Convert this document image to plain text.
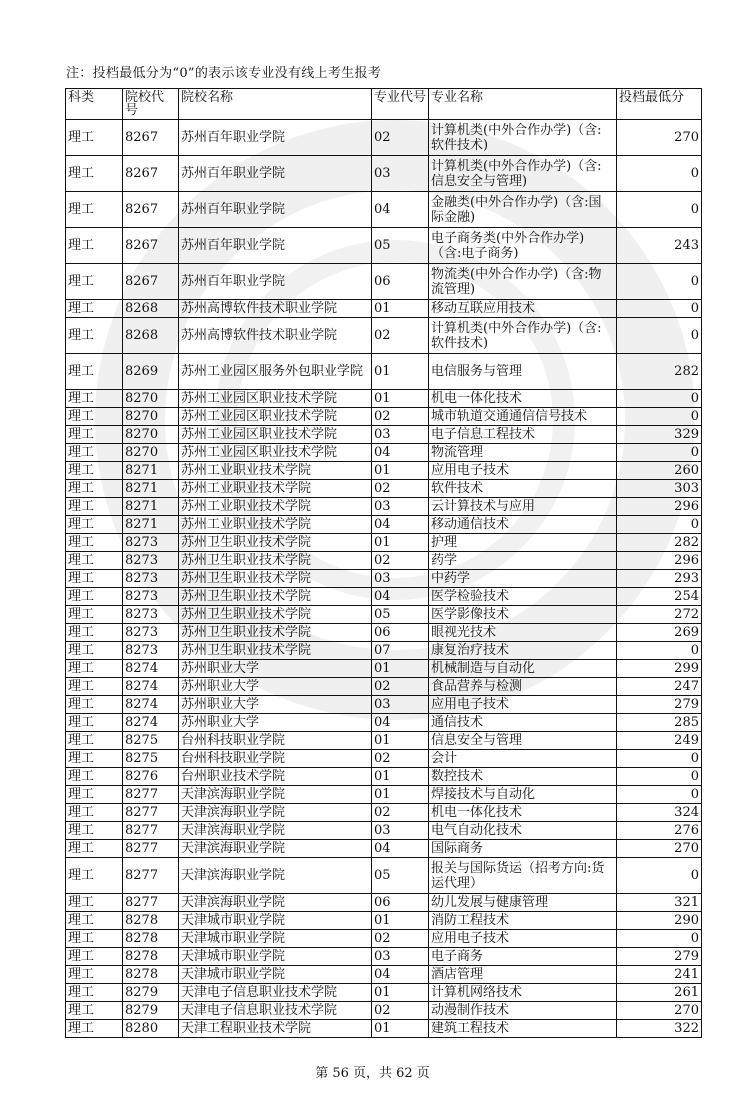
注：投档最低分为“0”的表示该专业没有线上考生报考
科类	院校代号	院校名称	专业代号	专业名称	投档最低分
理工	8267	苏州百年职业学院	02	计算机类(中外合作办学)（含:软件技术)	270
理工	8267	苏州百年职业学院	03	计算机类(中外合作办学)（含:信息安全与管理)	0
理工	8267	苏州百年职业学院	04	金融类(中外合作办学)（含:国际金融)	0
理工	8267	苏州百年职业学院	05	电子商务类(中外合作办学)（含:电子商务)	243
理工	8267	苏州百年职业学院	06	物流类(中外合作办学)（含:物流管理)	0
理工	8268	苏州高博软件技术职业学院	01	移动互联应用技术	0
理工	8268	苏州高博软件技术职业学院	02	计算机类(中外合作办学)（含:软件技术)	0
理工	8269	苏州工业园区服务外包职业学院	01	电信服务与管理	282
理工	8270	苏州工业园区职业技术学院	01	机电一体化技术	0
理工	8270	苏州工业园区职业技术学院	02	城市轨道交通通信信号技术	0
理工	8270	苏州工业园区职业技术学院	03	电子信息工程技术	329
理工	8270	苏州工业园区职业技术学院	04	物流管理	0
理工	8271	苏州工业职业技术学院	01	应用电子技术	260
理工	8271	苏州工业职业技术学院	02	软件技术	303
理工	8271	苏州工业职业技术学院	03	云计算技术与应用	296
理工	8271	苏州工业职业技术学院	04	移动通信技术	0
理工	8273	苏州卫生职业技术学院	01	护理	282
理工	8273	苏州卫生职业技术学院	02	药学	296
理工	8273	苏州卫生职业技术学院	03	中药学	293
理工	8273	苏州卫生职业技术学院	04	医学检验技术	254
理工	8273	苏州卫生职业技术学院	05	医学影像技术	272
理工	8273	苏州卫生职业技术学院	06	眼视光技术	269
理工	8273	苏州卫生职业技术学院	07	康复治疗技术	0
理工	8274	苏州职业大学	01	机械制造与自动化	299
理工	8274	苏州职业大学	02	食品营养与检测	247
理工	8274	苏州职业大学	03	应用电子技术	279
理工	8274	苏州职业大学	04	通信技术	285
理工	8275	台州科技职业学院	01	信息安全与管理	249
理工	8275	台州科技职业学院	02	会计	0
理工	8276	台州职业技术学院	01	数控技术	0
理工	8277	天津滨海职业学院	01	焊接技术与自动化	0
理工	8277	天津滨海职业学院	02	机电一体化技术	324
理工	8277	天津滨海职业学院	03	电气自动化技术	276
理工	8277	天津滨海职业学院	04	国际商务	270
理工	8277	天津滨海职业学院	05	报关与国际货运（招考方向:货运代理）	0
理工	8277	天津滨海职业学院	06	幼儿发展与健康管理	321
理工	8278	天津城市职业学院	01	消防工程技术	290
理工	8278	天津城市职业学院	02	应用电子技术	0
理工	8278	天津城市职业学院	03	电子商务	279
理工	8278	天津城市职业学院	04	酒店管理	241
理工	8279	天津电子信息职业技术学院	01	计算机网络技术	261
理工	8279	天津电子信息职业技术学院	02	动漫制作技术	270
理工	8280	天津工程职业技术学院	01	建筑工程技术	322
第 56 页，共 62 页
